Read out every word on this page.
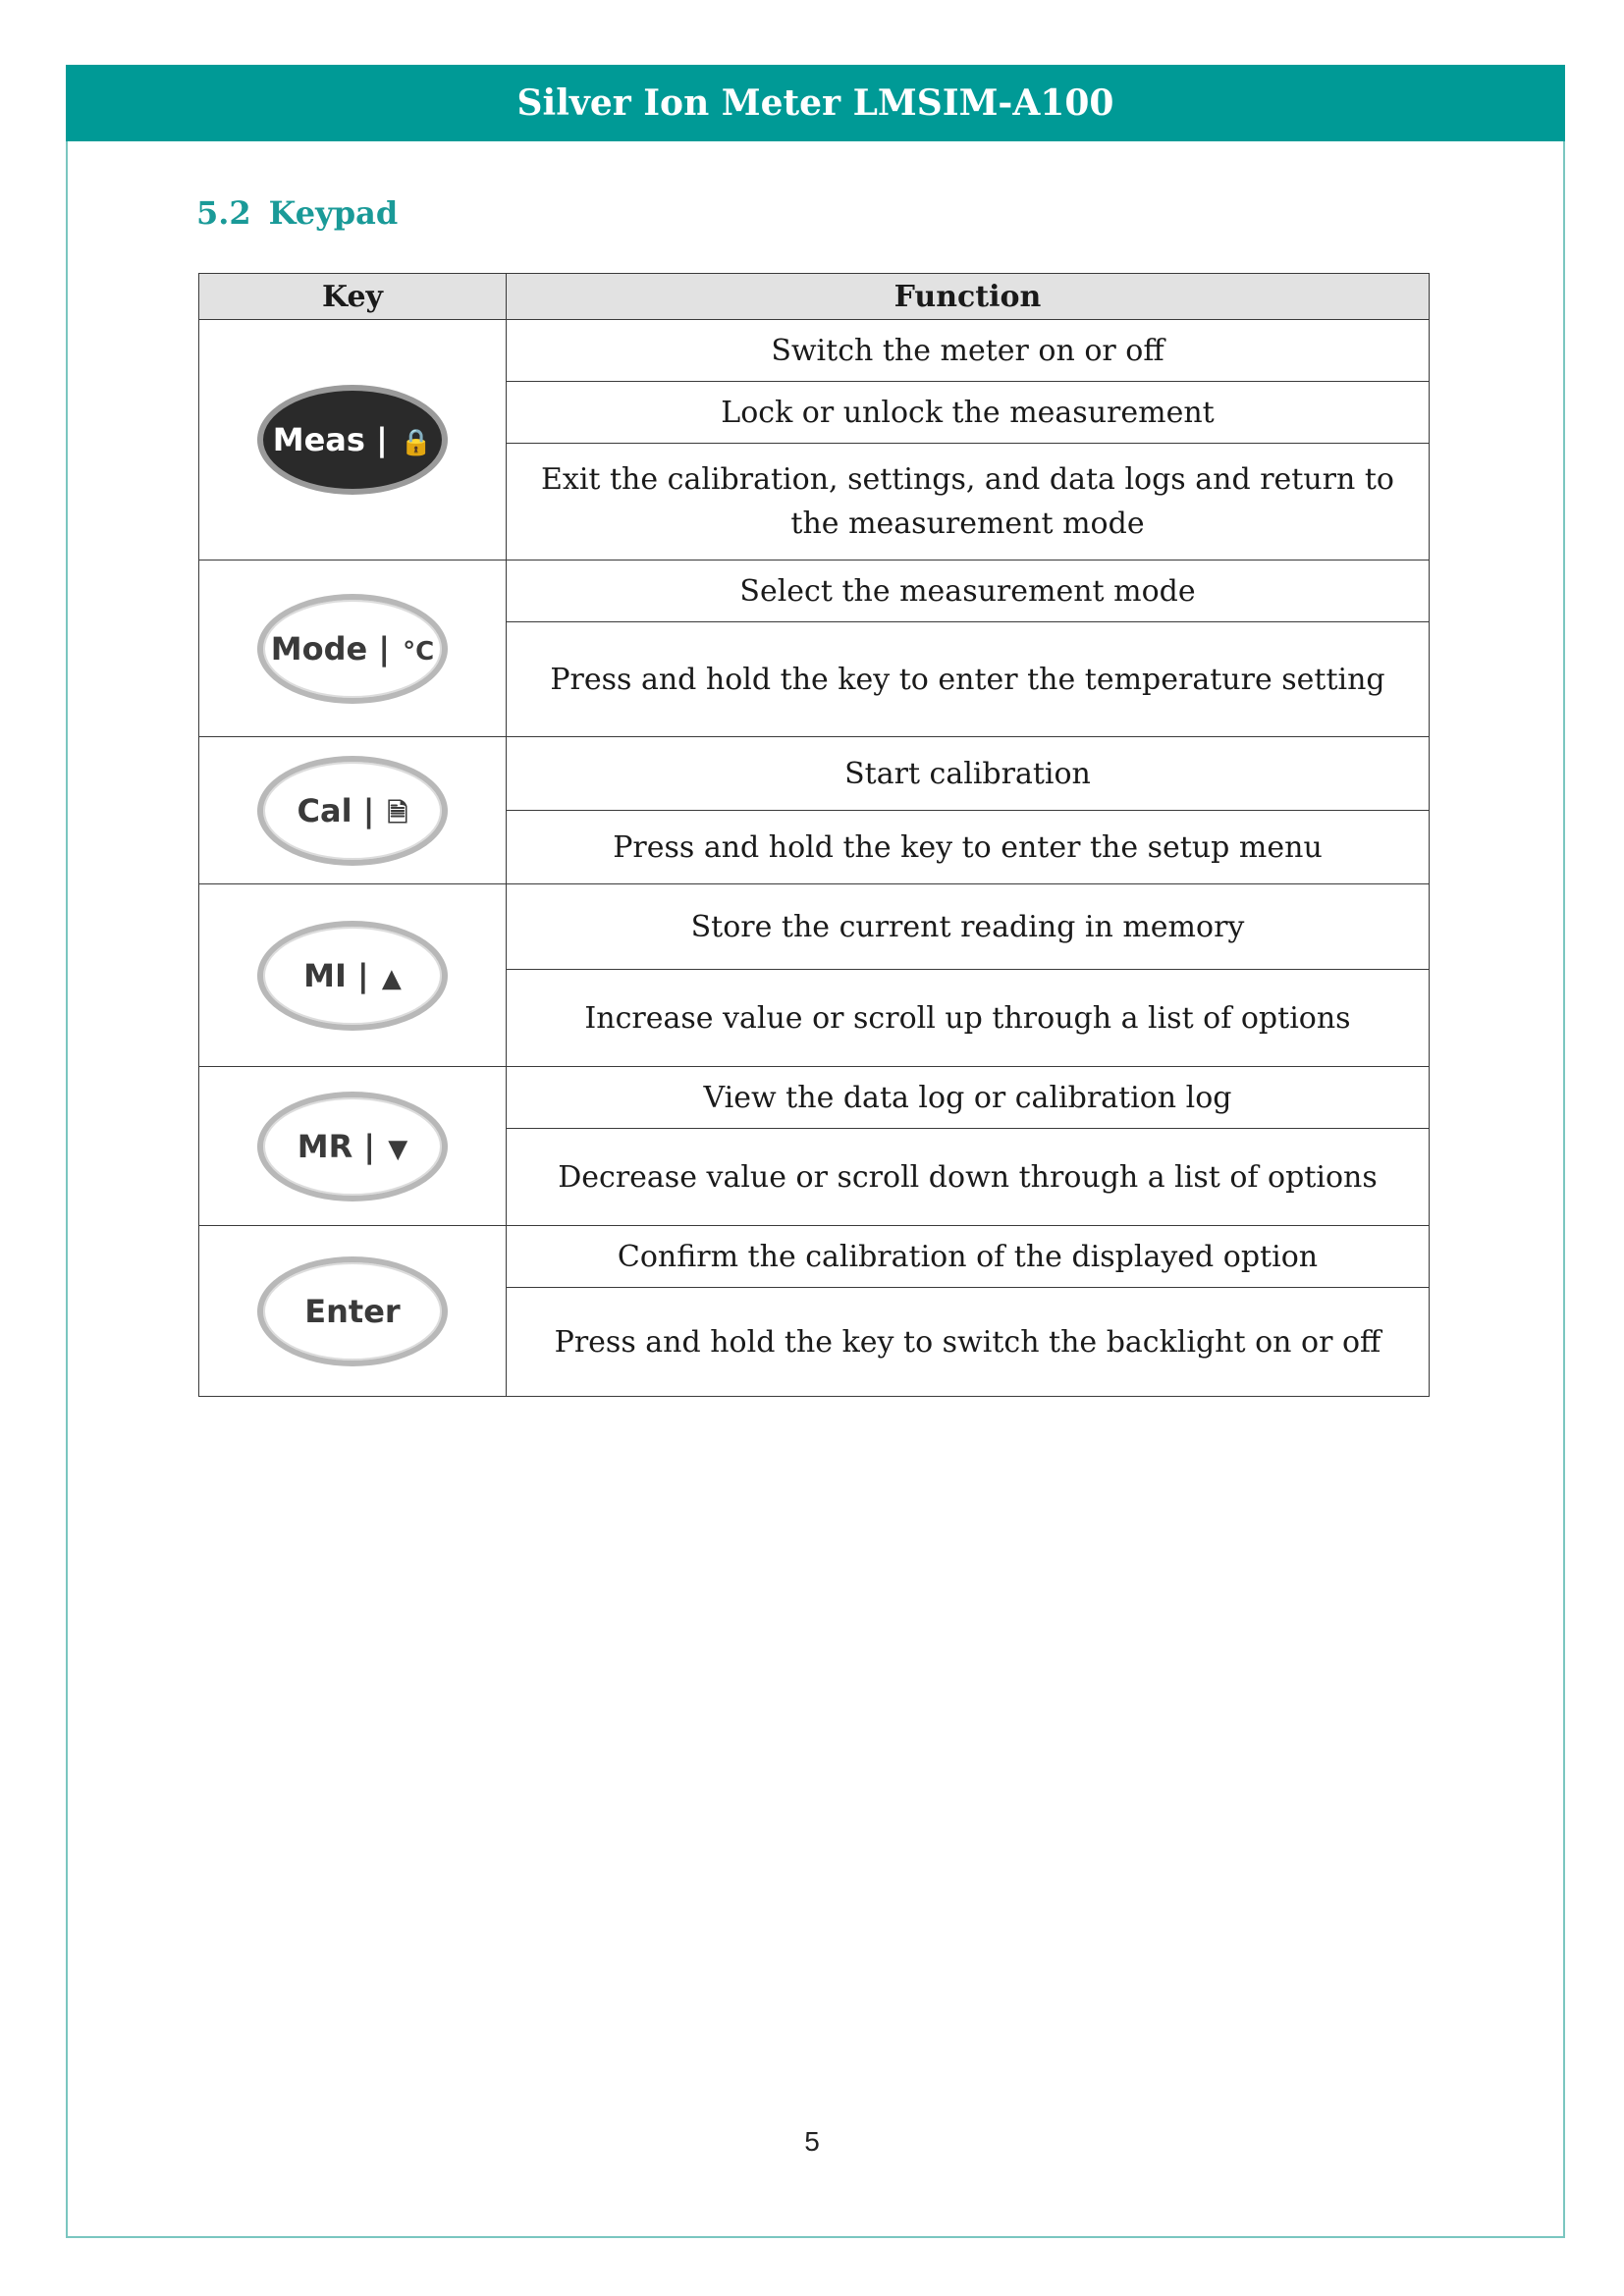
Silver Ion Meter LMSIM-A100
5.2 Keypad
Key	Function
Meas | 🔒	Switch the meter on or off
	Lock or unlock the measurement
	Exit the calibration, settings, and data logs and return to the measurement mode
Mode | °C	Select the measurement mode
	Press and hold the key to enter the temperature setting
Cal | 🗎	Start calibration
	Press and hold the key to enter the setup menu
MI | ▲	Store the current reading in memory
	Increase value or scroll up through a list of options
MR | ▼	View the data log or calibration log
	Decrease value or scroll down through a list of options
Enter	Confirm the calibration of the displayed option
	Press and hold the key to switch the backlight on or off
5
